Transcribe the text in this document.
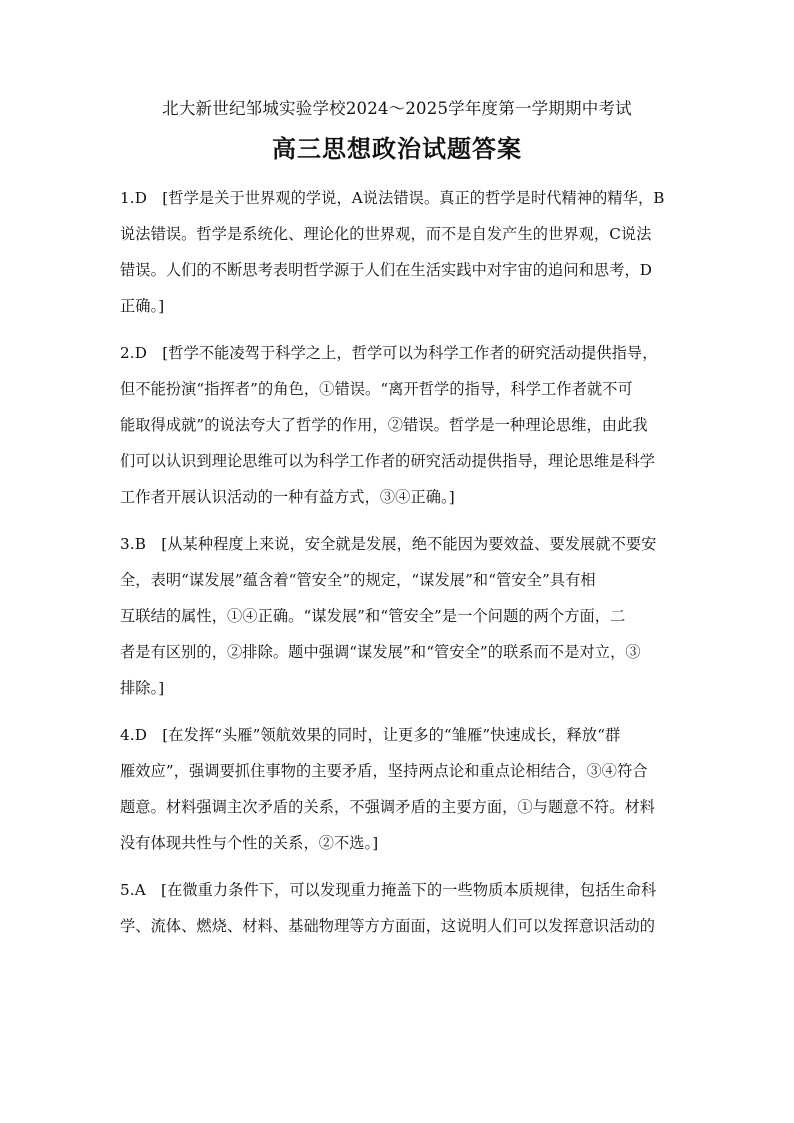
北大新世纪邹城实验学校2024～2025学年度第一学期期中考试
高三思想政治试题答案
1.D　[哲学是关于世界观的学说，A说法错误。真正的哲学是时代精神的精华，B
说法错误。哲学是系统化、理论化的世界观，而不是自发产生的世界观，C说法
错误。人们的不断思考表明哲学源于人们在生活实践中对宇宙的追问和思考，D
正确。]
2.D　[哲学不能凌驾于科学之上，哲学可以为科学工作者的研究活动提供指导，
但不能扮演“指挥者”的角色，①错误。“离开哲学的指导，科学工作者就不可
能取得成就”的说法夸大了哲学的作用，②错误。哲学是一种理论思维，由此我
们可以认识到理论思维可以为科学工作者的研究活动提供指导，理论思维是科学
工作者开展认识活动的一种有益方式，③④正确。]
3.B　[从某种程度上来说，安全就是发展，绝不能因为要效益、要发展就不要安
全，表明“谋发展”蕴含着“管安全”的规定，“谋发展”和“管安全”具有相
互联结的属性，①④正确。“谋发展”和“管安全”是一个问题的两个方面，二
者是有区别的，②排除。题中强调“谋发展”和“管安全”的联系而不是对立，③
排除。]
4.D　[在发挥“头雁”领航效果的同时，让更多的“雏雁”快速成长，释放“群
雁效应”，强调要抓住事物的主要矛盾，坚持两点论和重点论相结合，③④符合
题意。材料强调主次矛盾的关系，不强调矛盾的主要方面，①与题意不符。材料
没有体现共性与个性的关系，②不选。]
5.A　[在微重力条件下，可以发现重力掩盖下的一些物质本质规律，包括生命科
学、流体、燃烧、材料、基础物理等方方面面，这说明人们可以发挥意识活动的
